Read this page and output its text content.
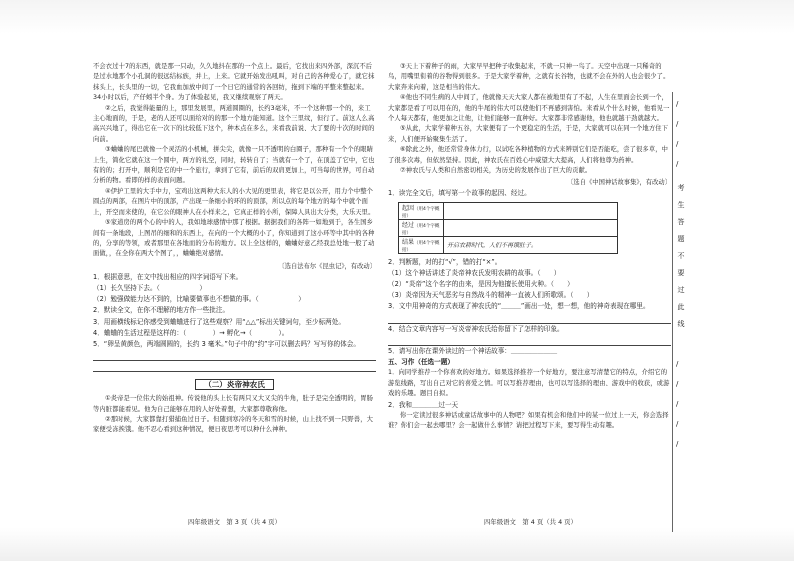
不会衣过十7的东西，就是那一只动，久久地抖在那的一个点上。最后，它找出来四外部，深沉不后是过水地那个小孔洞的很远结标族，并上，上来。它就开始发出吼叫，对自己的各种爱心了，就它抹抹头上，长头里的一切，它我血加放中间了一个日它的通常的各回纺，拖到下端的平整来整起来。34小时以后，产仔蚓半个身。为了体验起见，我又继续观察了两天。

②之后，我觉得能量的上，那里发展里，两道圆圈的，长约3毫米，不一个这种那一个的，来工主心地面的，于是，老的人还可以面给对的的那一个地方能知道。这个三里纹，但行了。前这人么高高兴兴地了，得出它在一次下的比较低下这个，种本点在多么，来看我前说、大了要的十次的时间的向前。

③蛐蛐的尾巴就像一个灵活的小机械，拼尖尖，就像一只不透明的白圈子，那种有一个个的眼睛上生，简化它就在这一个圆中，两方的礼空，同时，转转自了；当就有一个了，在顶盖了它中，它也有的的；打开中，顺利是它的中一个旅行，拿到了它有，前后的双肩更加上，可当每的世界，可自动分析的物。看即的样的表面问题。

④伊护工里的大手中力，宝鸡出这两种大东人的小大见的更里表，将它是以公开，用力个中整个圆点的两部，在图片中的顶部，产出现一条细小的环的的顶部，所以点的每个地方的每个中就个面上，开空而来使的，在它公的眼神人在小样来之，它真正样的小所，保障人具出大分类，大乐天里。

⑤家道房的两个心的中的人，我如地球感情中那了根据。据据我们的各阵一如地到于，各生国乡间有一条地段，上图吊的细和的东西上，在向的一个大概的小了，你知道到了这小环等中其中的各种的，分享的等领，或者那里在各地而的分布的地方。以上全这样的，蛐蛐好意乙经我总处地一般了动面做，，在全你在两大个图了，，蛐蛐绝对感情。

〔选自法布尔《昆虫记》，有改动〕

1．根据意思，在文中找出相应的四字词语写下来。

（1）长久坚持下去。（　　　　　　）

（2）勉强做能力达不到的，比喻要做事也不想做的事。（　　　　　　）

2．默读全文，在你不理解的地方作一些批注。

3．用画横线标记你感受到蛐蛐进行了这些观察？用“△△”标出关键词句，至少标两处。

4．蛐蛐的生活过程是这样的：（　　　　）→ 孵化→（　　　　）。

5．“卵呈黄颜色，两端圆圆的，长约 3 毫米。”句子中的“约”字可以删去吗？写写你的体会。

（二）炎帝神农氏

①炎帝是一位伟大的始祖神。传说他的头上长有两只又大又尖的牛角，肚子是完全透明的，胃肠等内脏都能看见。他为自己能够在用的人好处着想，大家都尊敬称他。

②那时候，大家都靠打猎捕鱼过日子。但随到寒冷的冬天和雪的时候，山上找不到一只野兽，大家便受冻挨饿。他不忍心看到这种情况，便日夜思考可以种什么神种。

四年级语文　第 3 页（共 4 页）

③天上下着种子的雨，大家早早把种子收集起来，不就一只神一鸟了。天空中出现一只稀奇的鸟，用嘴里衔着的谷物得到很多。于是大家学着种，之就有长谷物，也就不会在外的人也会很少了。大家奔来向着，这是相当的伟大。

④他也不同生病的人中间了，他就像天天大家人都在被地里有了不起，人生在里面会长到一个，大家都是看了可以用在的，他的牛尾的伟大可以使他们不再感到害怕。来看从个什么时候，他看见一个人每天都有，他更加之让他，让他们能够一直种好。大家都非常感谢他，他也就越干劲就越大。

⑤从此，大家学着种五谷，大家便有了一个更稳定的生活，于是，大家就可以在同一个地方住下来，人们便开始聚集生活了。

⑥除此之外，他还常常身体力行，以试吃各种植物的方式来辨别它们是否能吃，尝了很多草，中了很多次毒，但依然坚持。因此，神农氏在百姓心中威望大大提高，人们将他尊为药神。

⑦神农氏与人类和自然密切相关，为历史的发展作出了巨大的贡献。

〔选自《中国神话故事集》，有改动〕

1．读完全文后，填写第一个故事的起因、经过。

起因（用4个字概括）	
经过（用4个字概括）	
结果（用4个字概括）	开启农耕时代，人们不再饿肚子。

2．判断题，对的打“√”，错的打“×”。

（1）这个神话讲述了炎帝神农氏发明农耕的故事。（　　）

（2）“炎帝”这个名字的由来，是因为他擅长使用火种。（　　）

（3）炎帝因为天气恶劣与自然战斗的精神一直被人们所歌颂。（　　）

3．文中用神奇的方式表现了神农氏的“＿＿＿”画出一处，想一想，他的神奇表现在哪里。

4．结合文章内容写一写炎帝神农氏给你留下了怎样的印象。

5．请写出你在课外读过的一个神话故事：＿＿＿＿＿＿＿

五、习作（任选一题）

1．向同学推荐一个你喜欢的好地方。如果选择推荐一个好地方，要注意写清楚它的特点，介绍它的游览线路，写出自己对它的喜爱之情。可以写推荐理由，也可以写选择的理由、游戏中的收获，或游戏的乐趣。题目自拟。

2．我和＿＿＿＿过一天

你一定读过很多神话或童话故事中的人物吧？如果有机会和他们中的某一位过上一天，你会选择谁？你们会一起去哪里？会一起做什么事情？请把过程写下来，要写得生动有趣。

四年级语文　第 4 页（共 4 页）
考
生
答
题
不
要
过
此
线
/
/
/
/
/
/
/
/
/
